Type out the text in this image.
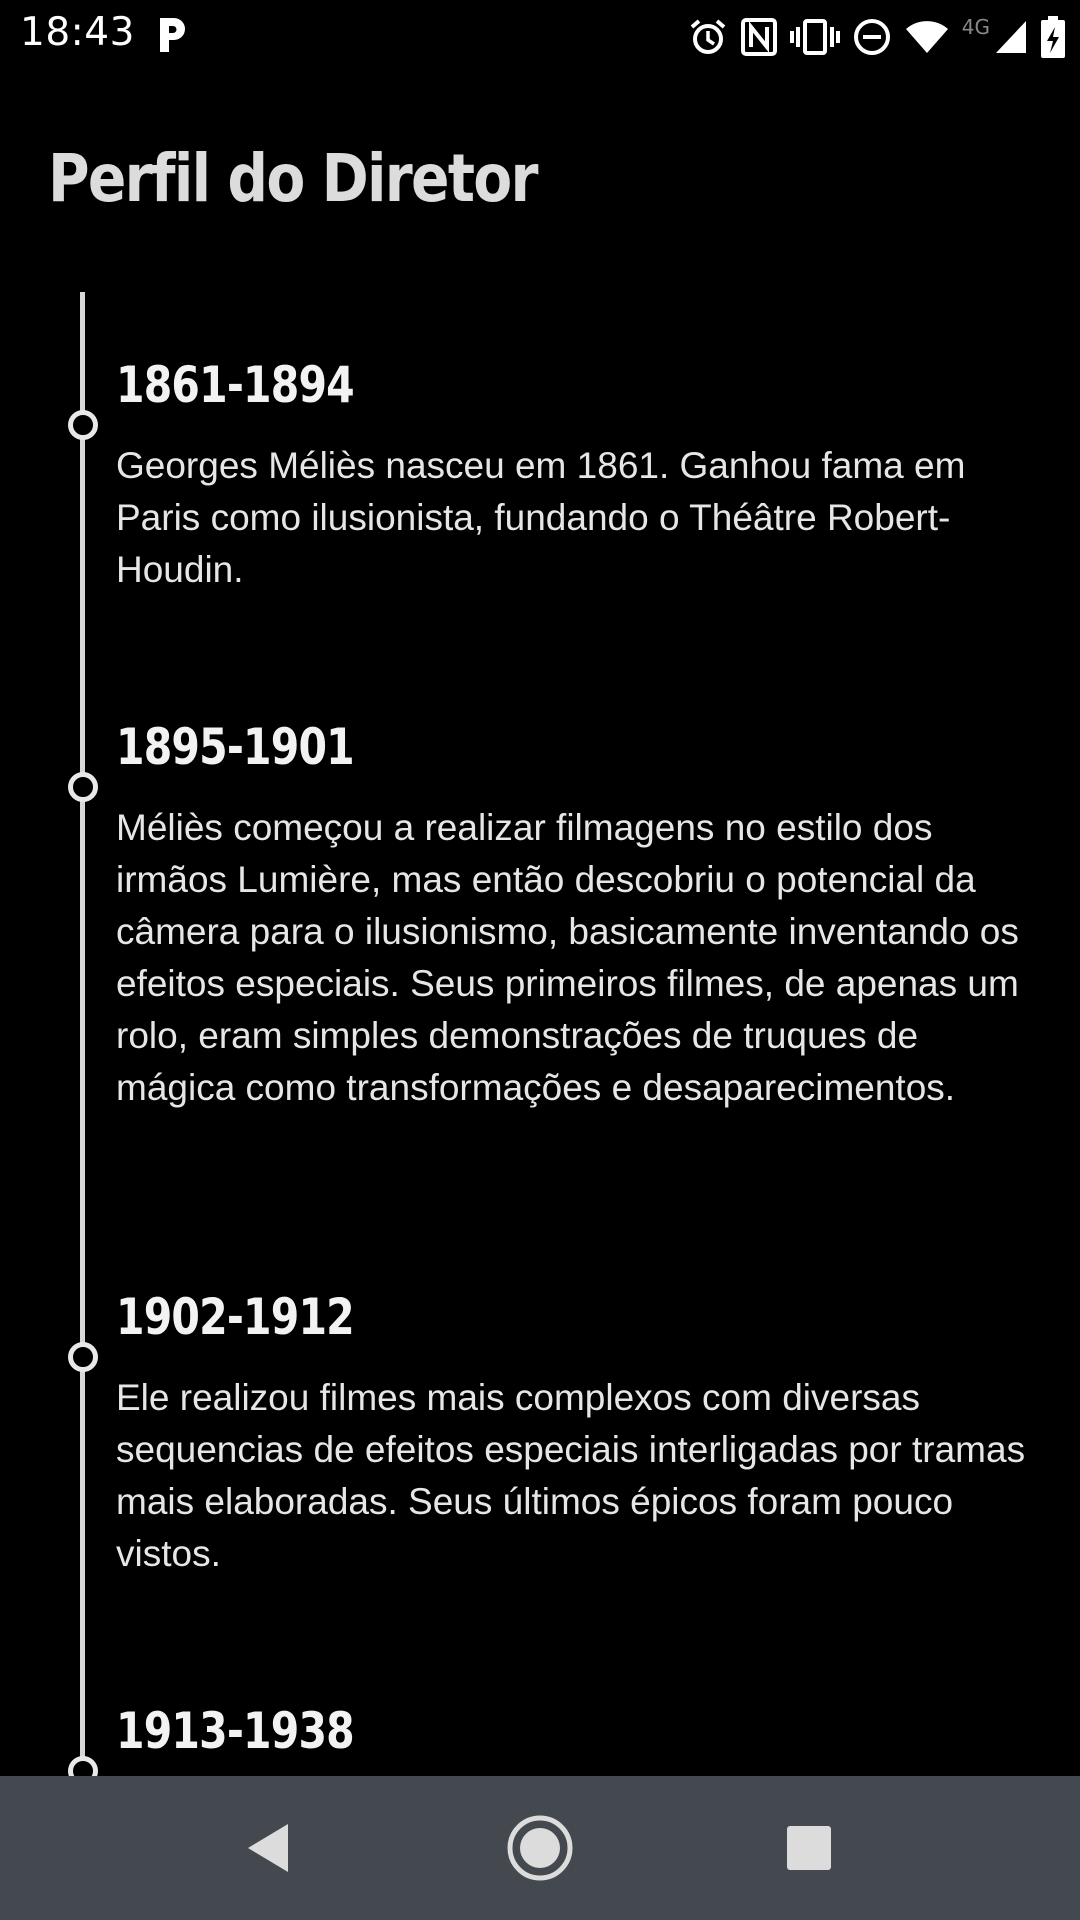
18:43	4G
Perfil do Diretor
1861-1894

Georges Méliès nasceu em 1861. Ganhou fama em Paris como ilusionista, fundando o Théâtre Robert-Houdin.

1895-1901

Méliès começou a realizar filmagens no estilo dos irmãos Lumière, mas então descobriu o potencial da câmera para o ilusionismo, basicamente inventando os efeitos especiais. Seus primeiros filmes, de apenas um rolo, eram simples demonstrações de truques de mágica como transformações e desaparecimentos.

1902-1912

Ele realizou filmes mais complexos com diversas sequencias de efeitos especiais interligadas por tramas mais elaboradas. Seus últimos épicos foram pouco vistos.

1913-1938
